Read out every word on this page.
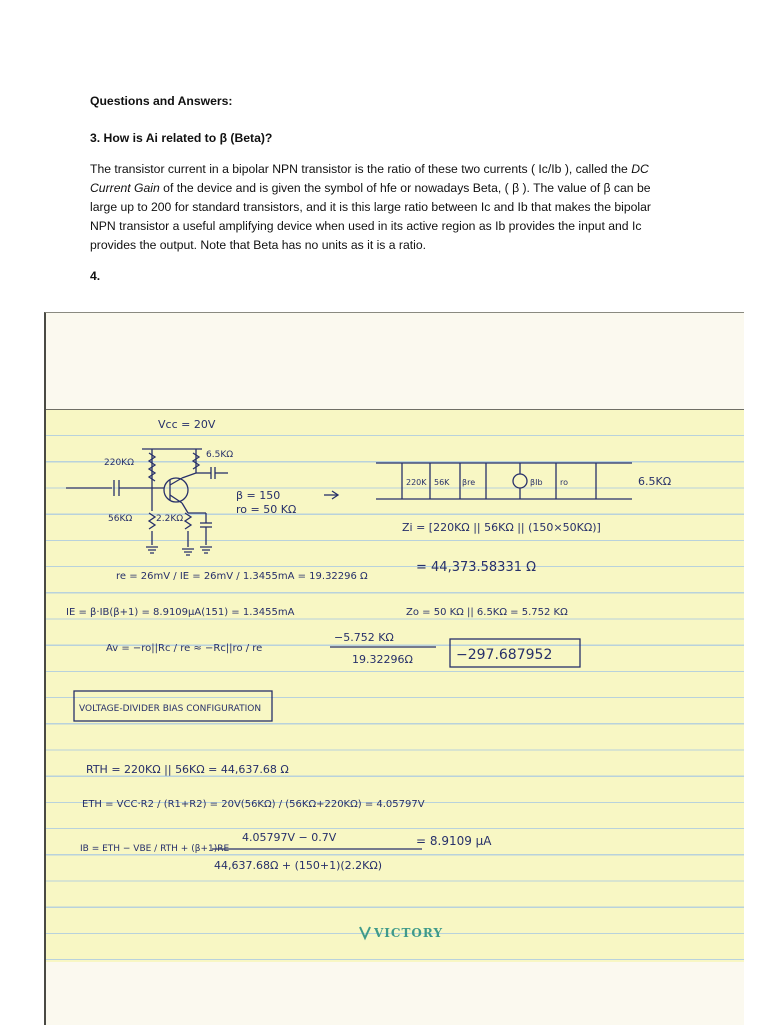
Questions and Answers:

3. How is Ai related to β (Beta)?

The transistor current in a bipolar NPN transistor is the ratio of these two currents ( Ic/Ib ), called the DC Current Gain of the device and is given the symbol of hfe or nowadays Beta, ( β ). The value of β can be large up to 200 for standard transistors, and it is this large ratio between Ic and Ib that makes the bipolar NPN transistor a useful amplifying device when used in its active region as Ib provides the input and Ic provides the output. Note that Beta has no units as it is a ratio.

4.

Vcc = 20V
6.5KΩ
220KΩ
56KΩ	2.2KΩ
β = 150
ro = 50 KΩ
220K 56K βre	βIb ro	6.5KΩ
Zi = [220KΩ || 56KΩ || (150×50KΩ)]
= 44,373.58331 Ω
re = 26mV / IE = 26mV / 1.3455mA = 19.32296 Ω
IE = β·IB(β+1) = 8.9109µA(151) = 1.3455mA	Zo = 50 KΩ || 6.5KΩ = 5.752 KΩ
Av = −ro||Rc / re ≈ −Rc||ro / re
−5.752 KΩ
19.32296Ω	−297.687952
VOLTAGE-DIVIDER BIAS CONFIGURATION
RTH = 220KΩ || 56KΩ = 44,637.68 Ω
ETH = VCC·R2 / (R1+R2) = 20V(56KΩ) / (56KΩ+220KΩ) = 4.05797V
IB = ETH − VBE / RTH + (β+1)RE
4.05797V − 0.7V
44,637.68Ω + (150+1)(2.2KΩ)
= 8.9109 µA
VICTORY
